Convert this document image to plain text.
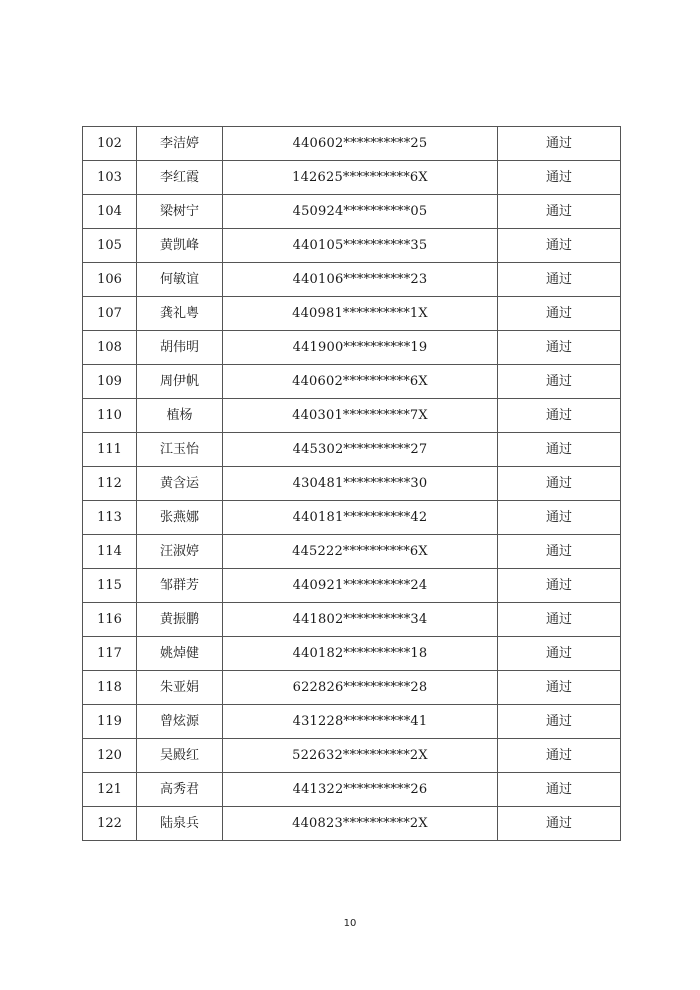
102	李洁婷	440602**********25	通过
103	李红霞	142625**********6X	通过
104	梁树宁	450924**********05	通过
105	黄凯峰	440105**********35	通过
106	何敏谊	440106**********23	通过
107	龚礼粤	440981**********1X	通过
108	胡伟明	441900**********19	通过
109	周伊帆	440602**********6X	通过
110	植杨	440301**********7X	通过
111	江玉怡	445302**********27	通过
112	黄含运	430481**********30	通过
113	张燕娜	440181**********42	通过
114	汪淑婷	445222**********6X	通过
115	邹群芳	440921**********24	通过
116	黄振鹏	441802**********34	通过
117	姚焯健	440182**********18	通过
118	朱亚娟	622826**********28	通过
119	曾炫源	431228**********41	通过
120	吴殿红	522632**********2X	通过
121	高秀君	441322**********26	通过
122	陆泉兵	440823**********2X	通过
10
